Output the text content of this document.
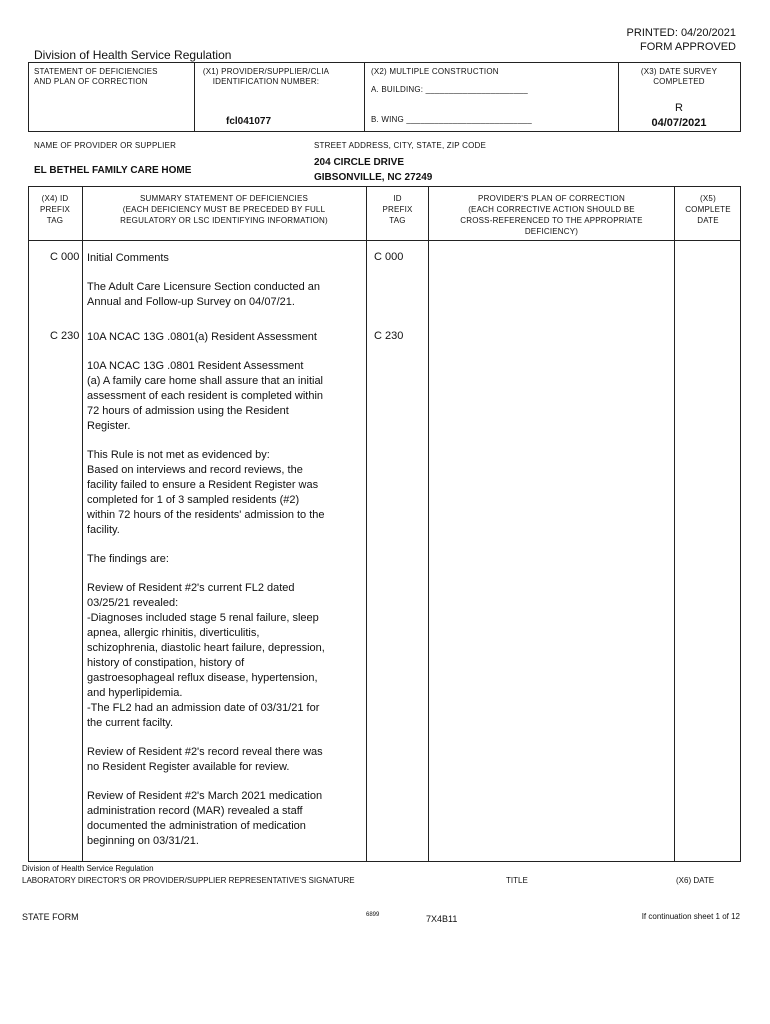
PRINTED: 04/20/2021
FORM APPROVED
Division of Health Service Regulation
STATEMENT OF DEFICIENCIES
AND PLAN OF CORRECTION
(X1) PROVIDER/SUPPLIER/CLIA
IDENTIFICATION NUMBER:
fcl041077
(X2) MULTIPLE CONSTRUCTION
A. BUILDING: ______________________
B. WING ___________________________
(X3) DATE SURVEY
COMPLETED
R
04/07/2021
NAME OF PROVIDER OR SUPPLIER
EL BETHEL FAMILY CARE HOME
STREET ADDRESS, CITY, STATE, ZIP CODE
204 CIRCLE DRIVE
GIBSONVILLE, NC 27249
(X4) ID
PREFIX
TAG
SUMMARY STATEMENT OF DEFICIENCIES
(EACH DEFICIENCY MUST BE PRECEDED BY FULL
REGULATORY OR LSC IDENTIFYING INFORMATION)
ID
PREFIX
TAG
PROVIDER'S PLAN OF CORRECTION
(EACH CORRECTIVE ACTION SHOULD BE
CROSS-REFERENCED TO THE APPROPRIATE
DEFICIENCY)
(X5)
COMPLETE
DATE
C 000 Initial Comments	C 000

The Adult Care Licensure Section conducted an
Annual and Follow-up Survey on 04/07/21.

C 230 10A NCAC 13G .0801(a) Resident Assessment	C 230

10A NCAC 13G .0801 Resident Assessment
(a) A family care home shall assure that an initial
assessment of each resident is completed within
72 hours of admission using the Resident
Register.

This Rule is not met as evidenced by:
Based on interviews and record reviews, the
facility failed to ensure a Resident Register was
completed for 1 of 3 sampled residents (#2)
within 72 hours of the residents' admission to the
facility.

The findings are:

Review of Resident #2's current FL2 dated
03/25/21 revealed:
-Diagnoses included stage 5 renal failure, sleep
apnea, allergic rhinitis, diverticulitis,
schizophrenia, diastolic heart failure, depression,
history of constipation, history of
gastroesophageal reflux disease, hypertension,
and hyperlipidemia.
-The FL2 had an admission date of 03/31/21 for
the current facilty.

Review of Resident #2's record reveal there was
no Resident Register available for review.

Review of Resident #2's March 2021 medication
administration record (MAR) revealed a staff
documented the administration of medication
beginning on 03/31/21.

Division of Health Service Regulation
LABORATORY DIRECTOR'S OR PROVIDER/SUPPLIER REPRESENTATIVE'S SIGNATURE	TITLE	(X6) DATE
STATE FORM	6899	7X4B11	If continuation sheet 1 of 12
